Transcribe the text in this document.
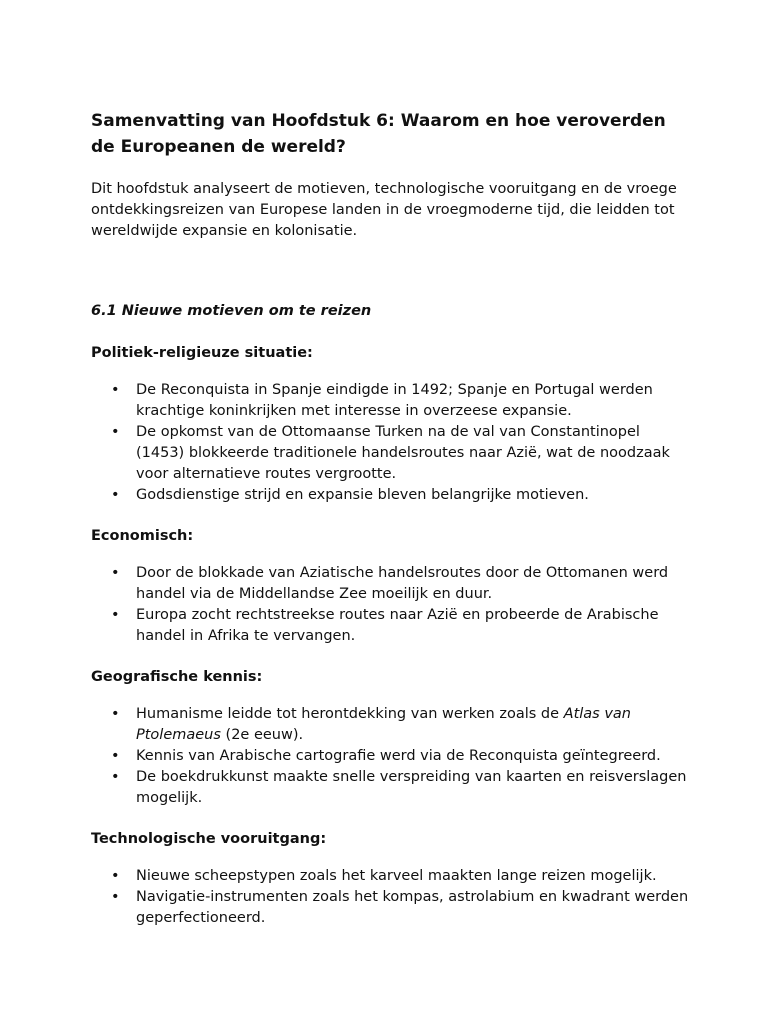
Samenvatting van Hoofdstuk 6: Waarom en hoe veroverden de Europeanen de wereld?

Dit hoofdstuk analyseert de motieven, technologische vooruitgang en de vroege ontdekkingsreizen van Europese landen in de vroegmoderne tijd, die leidden tot wereldwijde expansie en kolonisatie.

6.1 Nieuwe motieven om te reizen
Politiek-religieuze situatie:
• De Reconquista in Spanje eindigde in 1492; Spanje en Portugal werden krachtige koninkrijken met interesse in overzeese expansie.
• De opkomst van de Ottomaanse Turken na de val van Constantinopel (1453) blokkeerde traditionele handelsroutes naar Azië, wat de noodzaak voor alternatieve routes vergrootte.
• Godsdienstige strijd en expansie bleven belangrijke motieven.
Economisch:
• Door de blokkade van Aziatische handelsroutes door de Ottomanen werd handel via de Middellandse Zee moeilijk en duur.
• Europa zocht rechtstreekse routes naar Azië en probeerde de Arabische handel in Afrika te vervangen.
Geografische kennis:
• Humanisme leidde tot herontdekking van werken zoals de Atlas van Ptolemaeus (2e eeuw).
• Kennis van Arabische cartografie werd via de Reconquista geïntegreerd.
• De boekdrukkunst maakte snelle verspreiding van kaarten en reisverslagen mogelijk.
Technologische vooruitgang:
• Nieuwe scheepstypen zoals het karveel maakten lange reizen mogelijk.
• Navigatie-instrumenten zoals het kompas, astrolabium en kwadrant werden geperfectioneerd.
